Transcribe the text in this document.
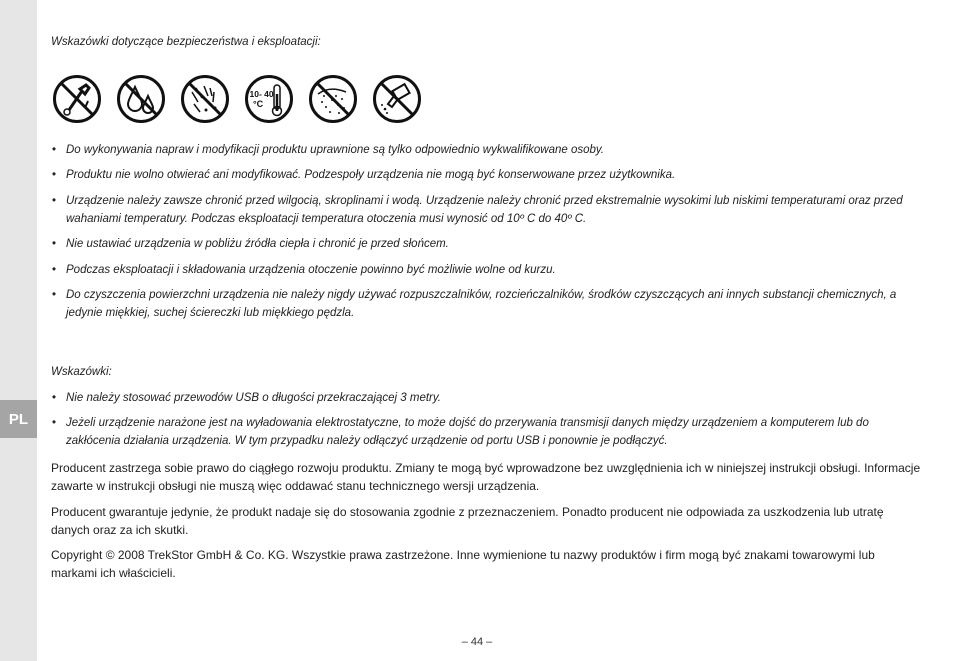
PL
Wskazówki dotyczące bezpieczeństwa i eksploatacji:
10- 40
°C
• Do wykonywania napraw i modyfikacji produktu uprawnione są tylko odpowiednio wykwalifikowane osoby.
• Produktu nie wolno otwierać ani modyfikować. Podzespoły urządzenia nie mogą być konserwowane przez użytkownika.
• Urządzenie należy zawsze chronić przed wilgocią, skroplinami i wodą. Urządzenie należy chronić przed ekstremalnie wysokimi lub niskimi temperaturami oraz przed wahaniami temperatury. Podczas eksploatacji temperatura otoczenia musi wynosić od 10º C do 40º C.
• Nie ustawiać urządzenia w pobliżu źródła ciepła i chronić je przed słońcem.
• Podczas eksploatacji i składowania urządzenia otoczenie powinno być możliwie wolne od kurzu.
• Do czyszczenia powierzchni urządzenia nie należy nigdy używać rozpuszczalników, rozcieńczalników, środków czyszczących ani innych substancji chemicznych, a jedynie miękkiej, suchej ściereczki lub miękkiego pędzla.
Wskazówki:
• Nie należy stosować przewodów USB o długości przekraczającej 3 metry.
• Jeżeli urządzenie narażone jest na wyładowania elektrostatyczne, to może dojść do przerywania transmisji danych między urządzeniem a komputerem lub do zakłócenia działania urządzenia. W tym przypadku należy odłączyć urządzenie od portu USB i ponownie je podłączyć.
Producent zastrzega sobie prawo do ciągłego rozwoju produktu. Zmiany te mogą być wprowadzone bez uwzględnienia ich w niniejszej instrukcji obsługi. Informacje zawarte w instrukcji obsługi nie muszą więc oddawać stanu technicznego wersji urządzenia.
Producent gwarantuje jedynie, że produkt nadaje się do stosowania zgodnie z przeznaczeniem. Ponadto producent nie odpowiada za uszkodzenia lub utratę danych oraz za ich skutki.
Copyright © 2008 TrekStor GmbH & Co. KG. Wszystkie prawa zastrzeżone. Inne wymienione tu nazwy produktów i firm mogą być znakami towarowymi lub markami ich właścicieli.
– 44 –
